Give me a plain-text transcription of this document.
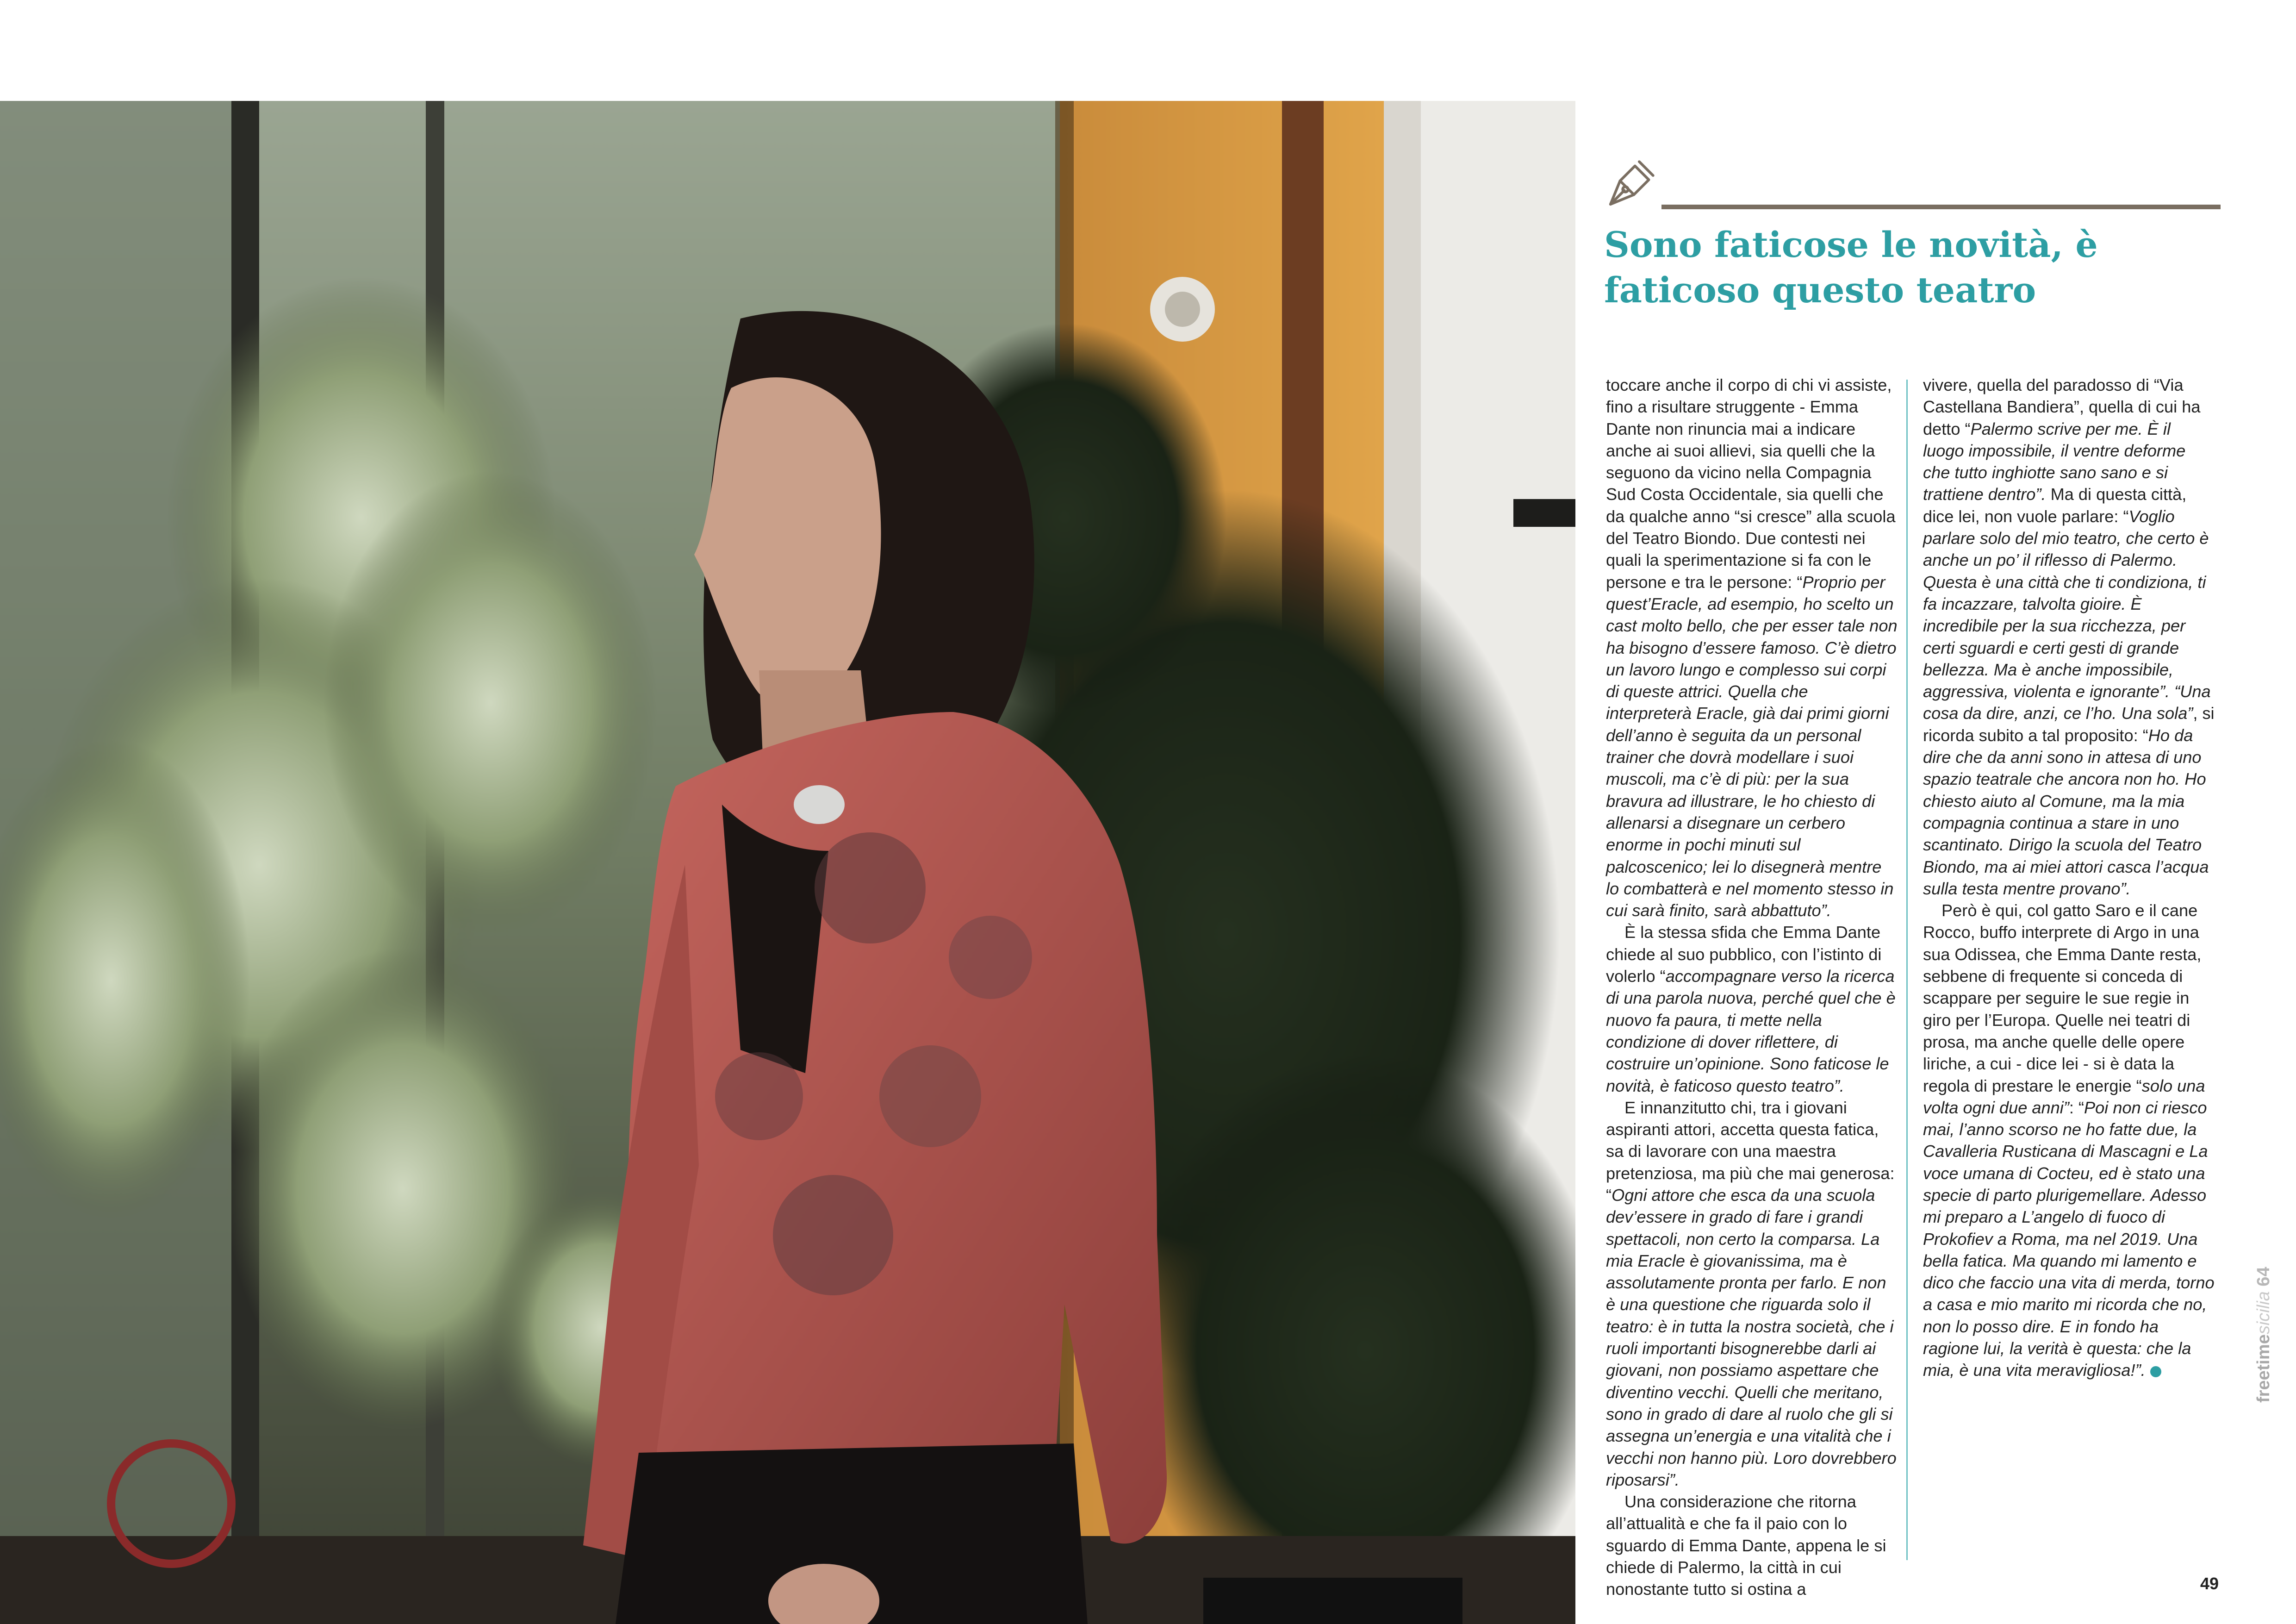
Sono faticose le novità, è faticoso questo teatro

toccare anche il corpo di chi vi assiste, fino a risultare struggente - Emma Dante non rinuncia mai a indicare anche ai suoi allievi, sia quelli che la seguono da vicino nella Compagnia Sud Costa Occidentale, sia quelli che da qualche anno “si cresce” alla scuola del Teatro Biondo. Due contesti nei quali la sperimentazione si fa con le persone e tra le persone: “Proprio per quest’Eracle, ad esempio, ho scelto un cast molto bello, che per esser tale non ha bisogno d’essere famoso. C’è dietro un lavoro lungo e complesso sui corpi di queste attrici. Quella che interpreterà Eracle, già dai primi giorni dell’anno è seguita da un personal trainer che dovrà modellare i suoi muscoli, ma c’è di più: per la sua bravura ad illustrare, le ho chiesto di allenarsi a disegnare un cerbero enorme in pochi minuti sul palcoscenico; lei lo disegnerà mentre lo combatterà e nel momento stesso in cui sarà finito, sarà abbattuto”.

È la stessa sfida che Emma Dante chiede al suo pubblico, con l’istinto di volerlo “accompagnare verso la ricerca di una parola nuova, perché quel che è nuovo fa paura, ti mette nella condizione di dover riflettere, di costruire un’opinione. Sono faticose le novità, è faticoso questo teatro”.

E innanzitutto chi, tra i giovani aspiranti attori, accetta questa fatica, sa di lavorare con una maestra pretenziosa, ma più che mai generosa: “Ogni attore che esca da una scuola dev’essere in grado di fare i grandi spettacoli, non certo la comparsa. La mia Eracle è giovanissima, ma è assolutamente pronta per farlo. E non è una questione che riguarda solo il teatro: è in tutta la nostra società, che i ruoli importanti bisognerebbe darli ai giovani, non possiamo aspettare che diventino vecchi. Quelli che meritano, sono in grado di dare al ruolo che gli si assegna un’energia e una vitalità che i vecchi non hanno più. Loro dovrebbero riposarsi”.

Una considerazione che ritorna all’attualità e che fa il paio con lo sguardo di Emma Dante, appena le si chiede di Palermo, la città in cui nonostante tutto si ostina a

vivere, quella del paradosso di “Via Castellana Bandiera”, quella di cui ha detto “Palermo scrive per me. È il luogo impossibile, il ventre deforme che tutto inghiotte sano sano e si trattiene dentro”. Ma di questa città, dice lei, non vuole parlare: “Voglio parlare solo del mio teatro, che certo è anche un po’ il riflesso di Palermo. Questa è una città che ti condiziona, ti fa incazzare, talvolta gioire. È incredibile per la sua ricchezza, per certi sguardi e certi gesti di grande bellezza. Ma è anche impossibile, aggressiva, violenta e ignorante”. “Una cosa da dire, anzi, ce l’ho. Una sola”, si ricorda subito a tal proposito: “Ho da dire che da anni sono in attesa di uno spazio teatrale che ancora non ho. Ho chiesto aiuto al Comune, ma la mia compagnia continua a stare in uno scantinato. Dirigo la scuola del Teatro Biondo, ma ai miei attori casca l’acqua sulla testa mentre provano”.

Però è qui, col gatto Saro e il cane Rocco, buffo interprete di Argo in una sua Odissea, che Emma Dante resta, sebbene di frequente si conceda di scappare per seguire le sue regie in giro per l’Europa. Quelle nei teatri di prosa, ma anche quelle delle opere liriche, a cui - dice lei - si è data la regola di prestare le energie “solo una volta ogni due anni”: “Poi non ci riesco mai, l’anno scorso ne ho fatte due, la Cavalleria Rusticana di Mascagni e La voce umana di Cocteu, ed è stato una specie di parto plurigemellare. Adesso mi preparo a L’angelo di fuoco di Prokofiev a Roma, ma nel 2019. Una bella fatica. Ma quando mi lamento e dico che faccio una vita di merda, torno a casa e mio marito mi ricorda che no, non lo posso dire. E in fondo ha ragione lui, la verità è questa: che la mia, è una vita meravigliosa!”.	ft	freetimesicilia 64
49
